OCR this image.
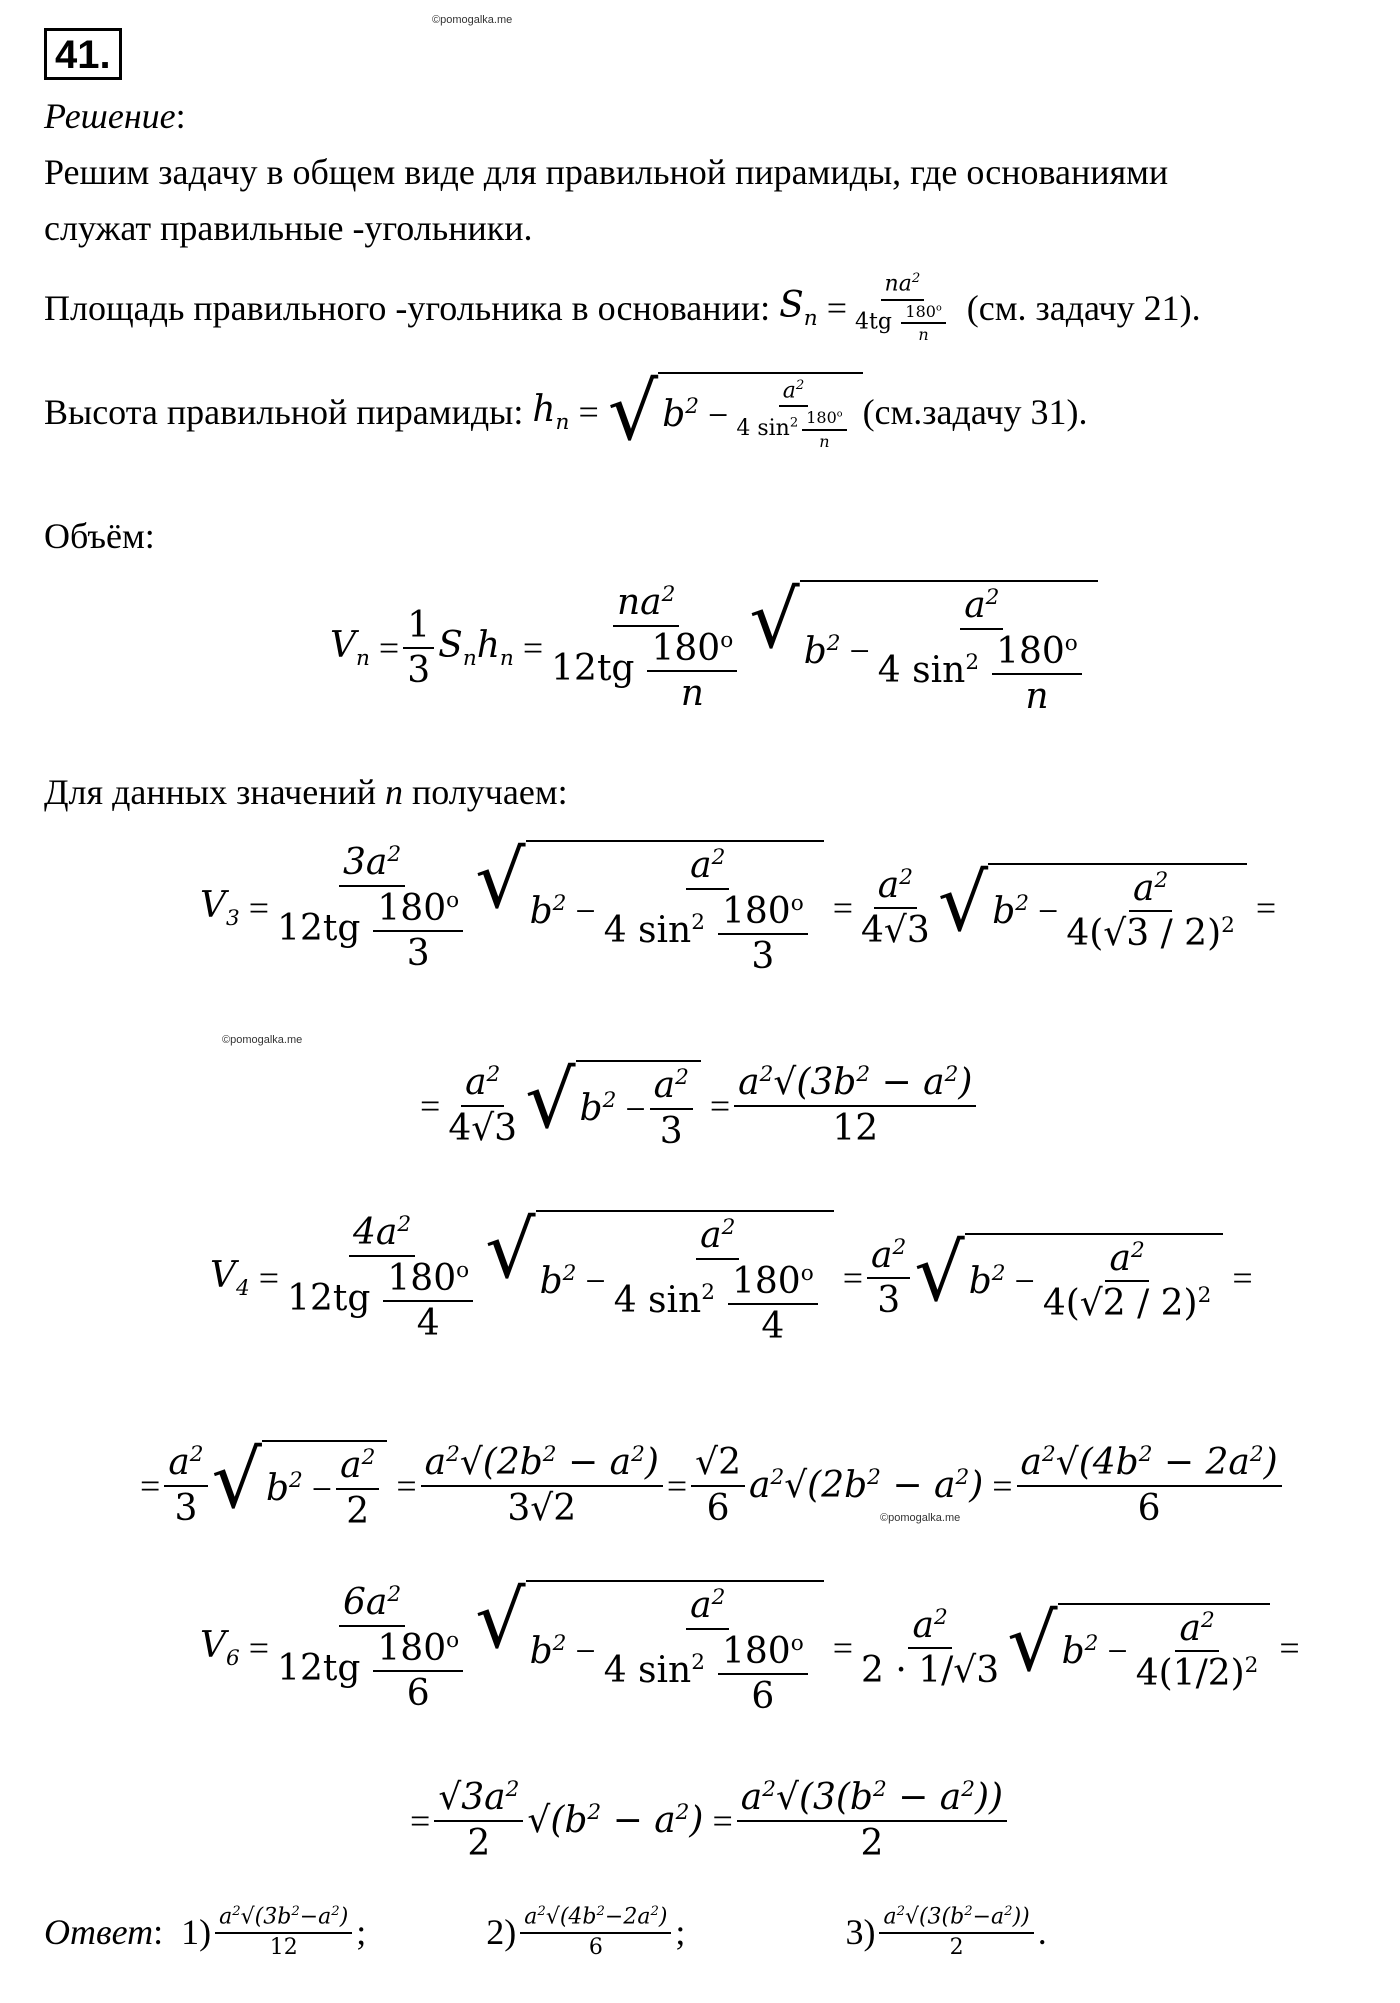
©pomogalka.me
©pomogalka.me
©pomogalka.me
41.
Решение:
Решим задачу в общем виде для правильной пирамиды, где основаниями
служат правильные -угольники.
Площадь правильного -угольника в основании:
$S_n = \frac{na^2}{4tg \frac{180^o}{n}}$
(см. задачу 21).
Высота правильной пирамиды:
$h_n$ = √ $b^2 - \frac{a^2}{4 \sin^2 \frac{180^o}{n}}$ (см.задачу 31).
Объём:
$V_n = \frac{1}{3} S_nh_n = \frac{na^2}{12tg \frac{180^o}{n}}$ √ $b^2 - \frac{a^2}{4 \sin^2 \frac{180^o}{n}}$
Для данных значений n получаем:
$V_3 = \frac{3a^2}{12tg \frac{180^o}{3}}$ √ $b^2 - \frac{a^2}{4 \sin^2 \frac{180^o}{3}} = \frac{a^2}{4√3}$ √ $b^2 - \frac{a^2}{4(√3 / 2)^2}$ =
= $\frac{a^2}{4√3}$ √ $b^2 - \frac{a^2}{3} = \frac{a^2√(3b^2 - a^2)}{12}$
$V_4 = \frac{4a^2}{12tg \frac{180^o}{4}}$ √ $b^2 - \frac{a^2}{4 \sin^2 \frac{180^o}{4}} = \frac{a^2}{3}$ √ $b^2 - \frac{a^2}{4(√2 / 2)^2}$ =
= $\frac{a^2}{3}$ √ $b^2 - \frac{a^2}{2} = \frac{a^2√(2b^2 - a^2)}{3√2} = \frac{√2}{6} a^2√(2b^2 - a^2) = \frac{a^2√(4b^2 - 2a^2)}{6}$
$V_6 = \frac{6a^2}{12tg \frac{180^o}{6}}$ √ $b^2 - \frac{a^2}{4 \sin^2 \frac{180^o}{6}} = \frac{a^2}{2 \cdot 1/√3}$ √ $b^2 - \frac{a^2}{4(1/2)^2}$ =
= $\frac{√3a^2}{2} √(b^2 - a^2) = \frac{a^2√(3(b^2 - a^2))}{2}$
Ответ : $1) \frac{a^2√(3b^2-a^2)}{12}$ ;	$2) \frac{a^2√(4b^2-2a^2)}{6}$ ;	$3) \frac{a^2√(3(b^2-a^2))}{2}$ .
